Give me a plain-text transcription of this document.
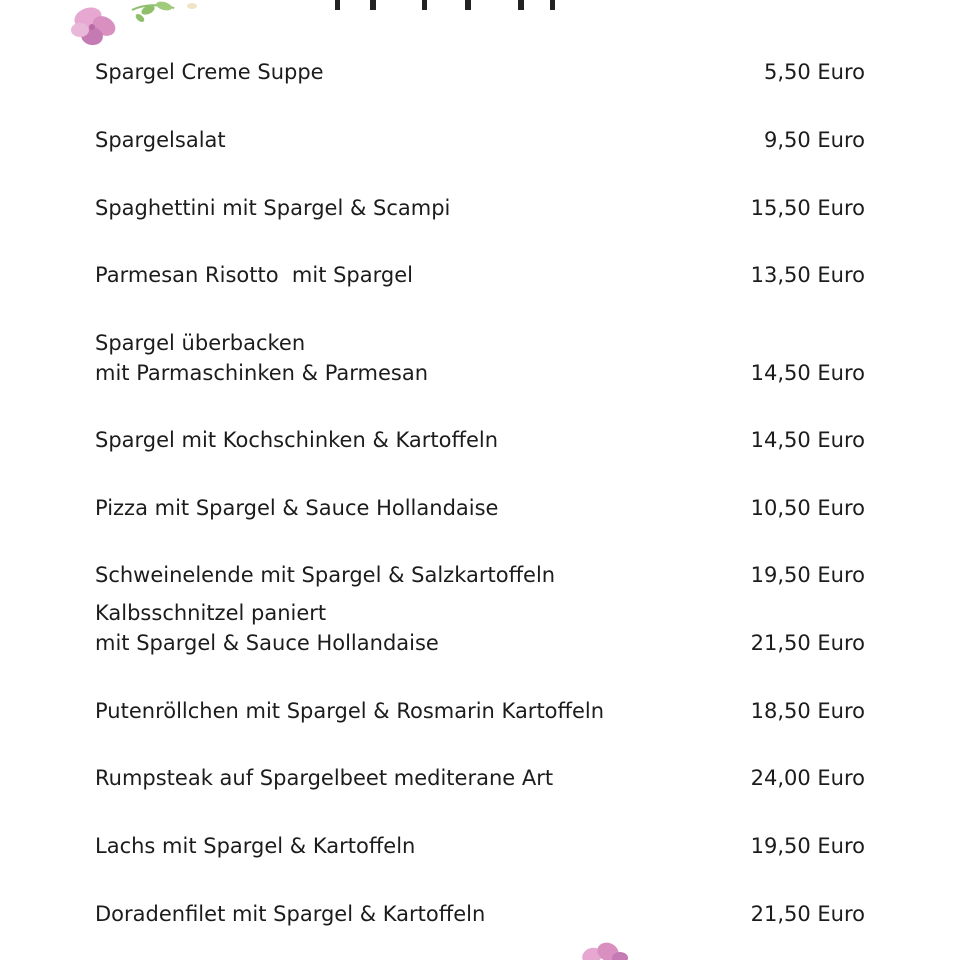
Spargel Creme Suppe	5,50 Euro
Spargelsalat	9,50 Euro
Spaghettini mit Spargel & Scampi	15,50 Euro
Parmesan Risotto  mit Spargel	13,50 Euro
Spargel überbacken
mit Parmaschinken & Parmesan	14,50 Euro
Spargel mit Kochschinken & Kartoffeln	14,50 Euro
Pizza mit Spargel & Sauce Hollandaise	10,50 Euro
Schweinelende mit Spargel & Salzkartoffeln	19,50 Euro
Kalbsschnitzel paniert
mit Spargel & Sauce Hollandaise	21,50 Euro
Putenröllchen mit Spargel & Rosmarin Kartoffeln	18,50 Euro
Rumpsteak auf Spargelbeet mediterane Art	24,00 Euro
Lachs mit Spargel & Kartoffeln	19,50 Euro
Doradenfilet mit Spargel & Kartoffeln	21,50 Euro
